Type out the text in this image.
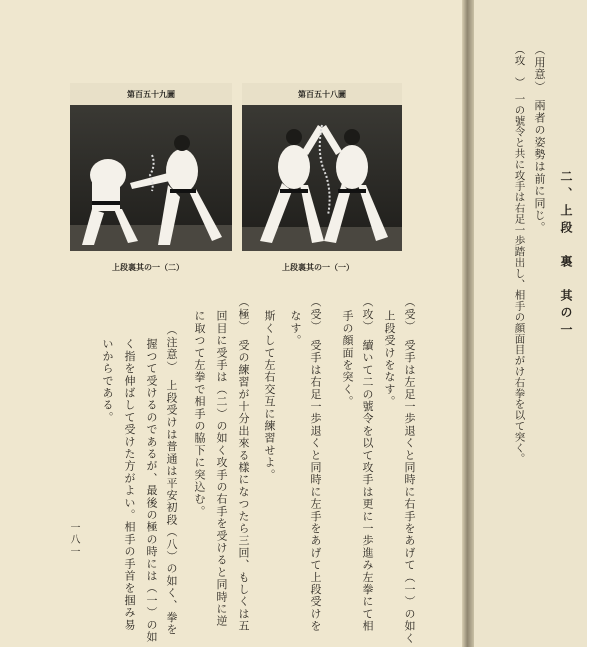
第百五十九圖
上段裏其の一（二）
第百五十八圖
上段裏其の一（一）
（受）　受手は左足一歩退くと同時に右手をあげて（一）の如く
上段受けをなす。
（攻）　續いて二の號令を以て攻手は更に一歩進み左拳にて相
手の顔面を突く。
（受）　受手は右足一歩退くと同時に左手をあげて上段受けを
なす。
斯くして左右交互に練習せよ。
（極）　受の練習が十分出來る樣になつたら三回、もしくは五
回目に受手は（二）の如く攻手の右手を受けると同時に逆
に取つて左拳で相手の脇下に突込む。
（注意）　上段受けは普通は平安初段（八）の如く、拳を
握つて受けるのであるが、最後の極の時には（一）の如
く指を伸ばして受けた方がよい。相手の手首を掴み易
いからである。
一八一
二、上段　裏　其の一
（用意）　兩者の姿勢は前に同じ。
（攻　）　一の號令と共に攻手は右足一歩踏出し、相手の顔面目がけ右拳を以て突く。
